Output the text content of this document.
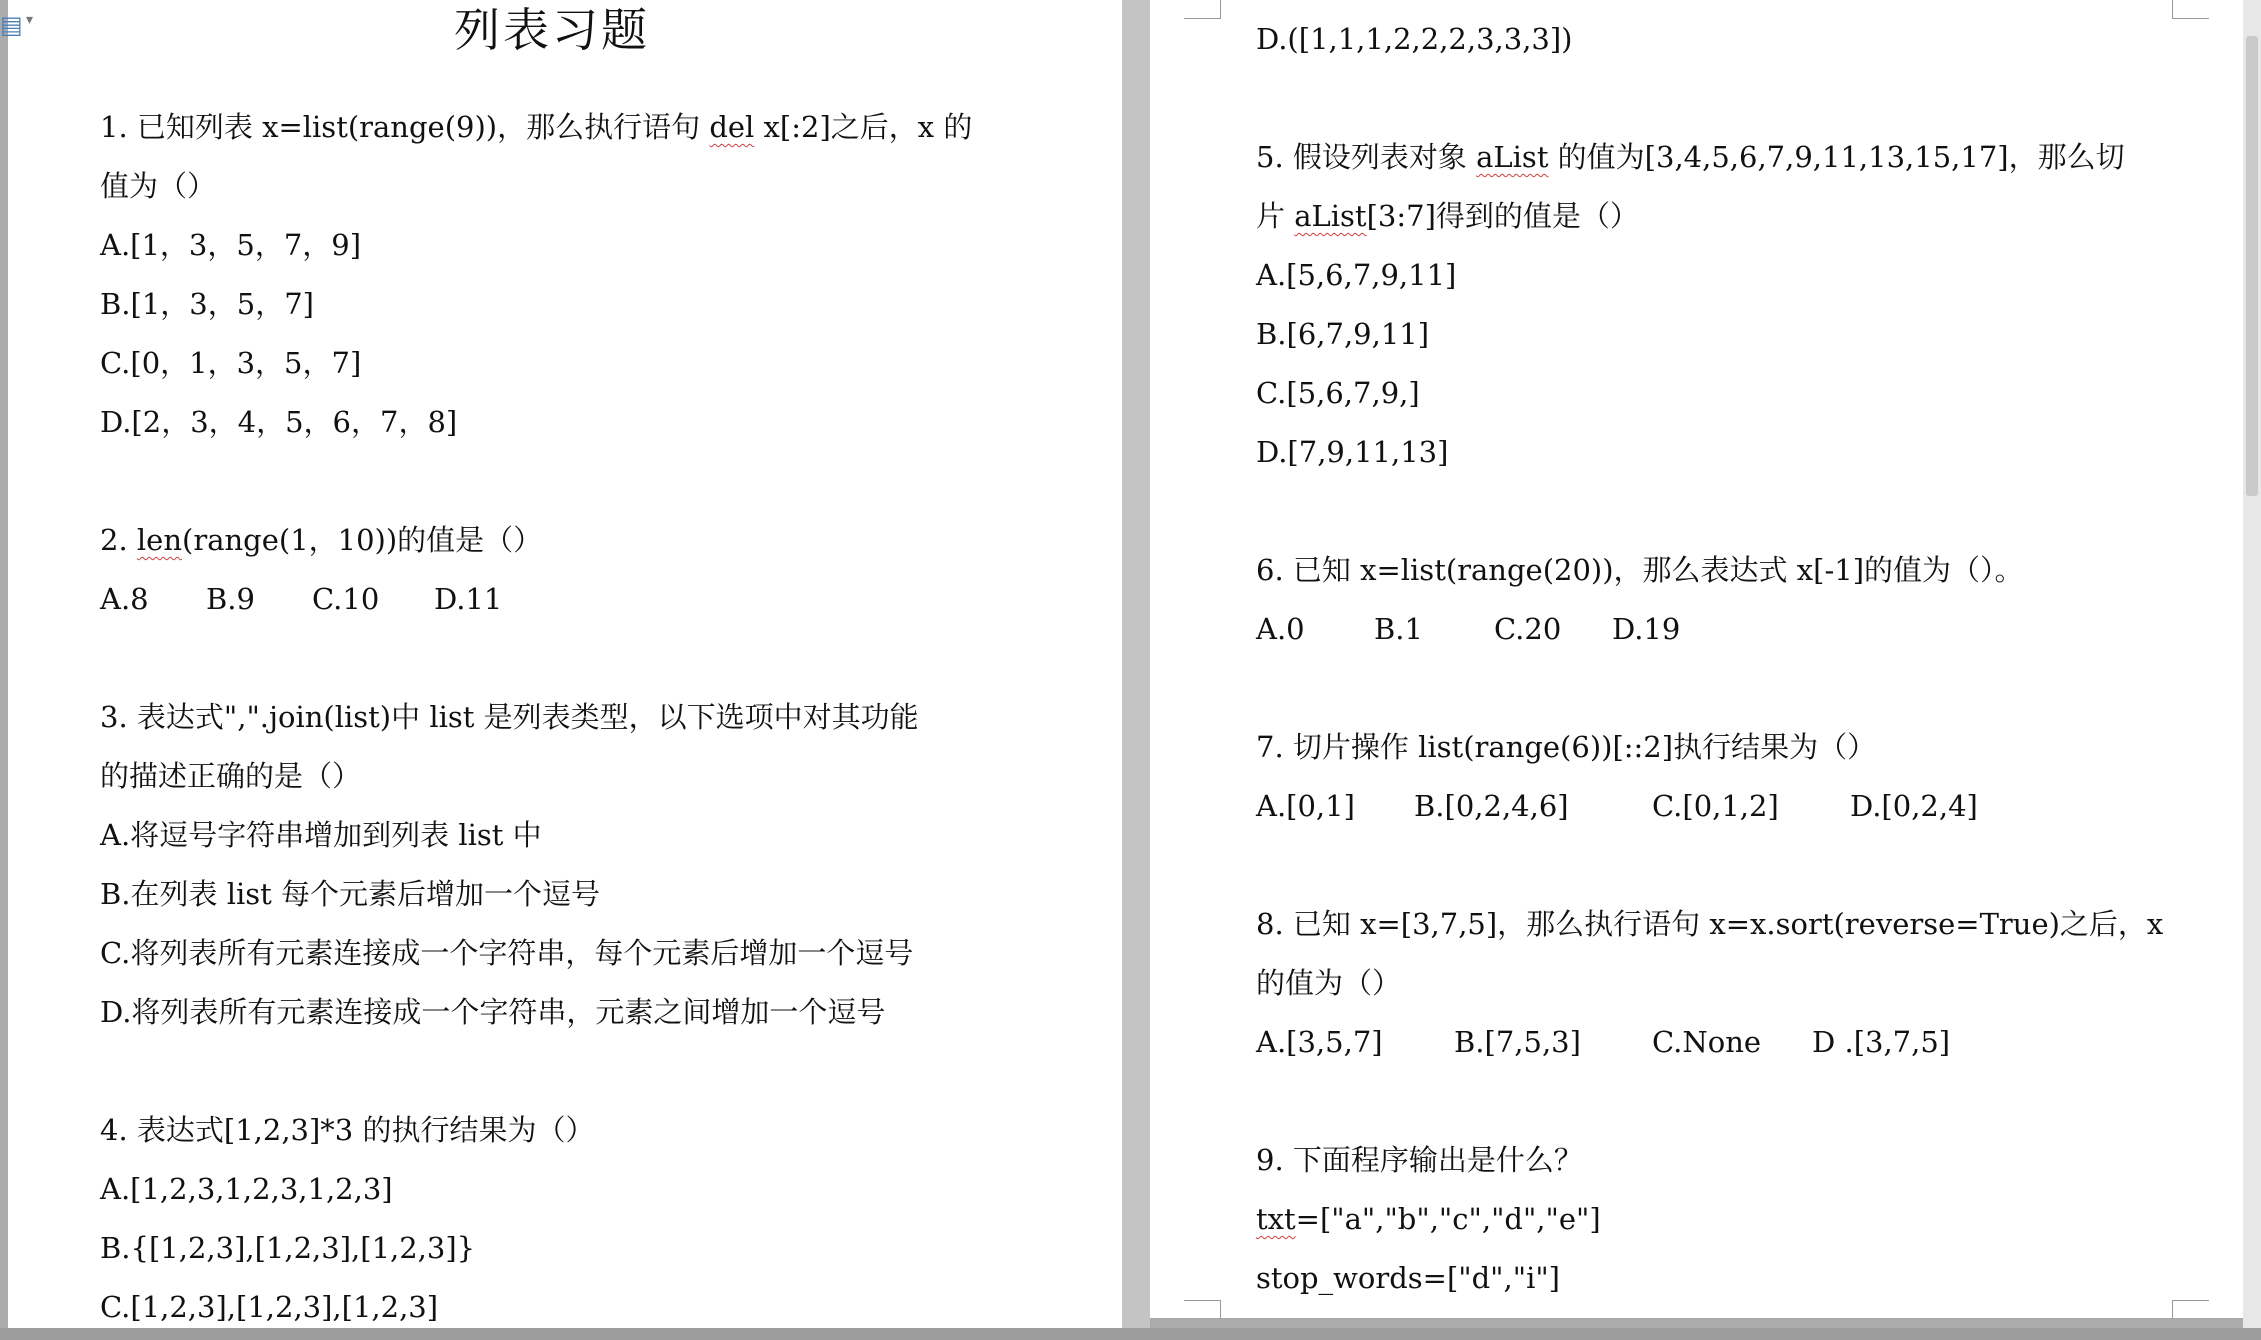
▤ ▾	列表习题
1. 已知列表 x=list(range(9))，那么执行语句 del x[:2]之后，x 的
值为（）
A.[1，3，5，7，9]
B.[1，3，5，7]
C.[0，1，3，5，7]
D.[2，3，4，5，6，7，8]
2. len(range(1，10))的值是（）
A.8 B.9 C.10 D.11
3. 表达式",".join(list)中 list 是列表类型，以下选项中对其功能
的描述正确的是（）
A.将逗号字符串增加到列表 list 中
B.在列表 list 每个元素后增加一个逗号
C.将列表所有元素连接成一个字符串，每个元素后增加一个逗号
D.将列表所有元素连接成一个字符串，元素之间增加一个逗号
4. 表达式[1,2,3]*3 的执行结果为（）
A.[1,2,3,1,2,3,1,2,3]
B.{[1,2,3],[1,2,3],[1,2,3]}
C.[1,2,3],[1,2,3],[1,2,3]
D.([1,1,1,2,2,2,3,3,3])
5. 假设列表对象 aList 的值为[3,4,5,6,7,9,11,13,15,17]，那么切
片 aList[3:7]得到的值是（）
A.[5,6,7,9,11]
B.[6,7,9,11]
C.[5,6,7,9,]
D.[7,9,11,13]
6. 已知 x=list(range(20))，那么表达式 x[-1]的值为（）。
A.0 B.1 C.20 D.19
7. 切片操作 list(range(6))[::2]执行结果为（）
A.[0,1] B.[0,2,4,6]	C.[0,1,2] D.[0,2,4]
8. 已知 x=[3,7,5]，那么执行语句 x=x.sort(reverse=True)之后，x
的值为（）
A.[3,5,7] B.[7,5,3] C.None D .[3,7,5]
9. 下面程序输出是什么？
txt=["a","b","c","d","e"]
stop_words=["d","i"]
